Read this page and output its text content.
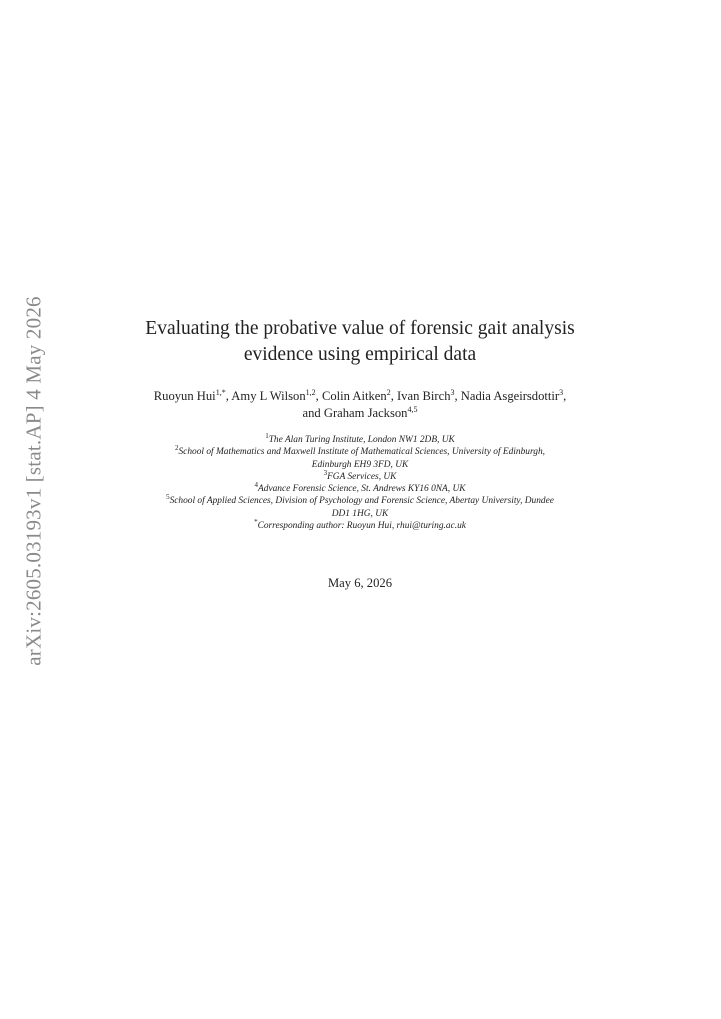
arXiv:2605.03193v1 [stat.AP] 4 May 2026	Evaluating the probative value of forensic gait analysis
evidence using empirical data
Ruoyun Hui$^{1,*}$, Amy L Wilson$^{1,2}$, Colin Aitken$^2$, Ivan Birch$^3$, Nadia Asgeirsdottir$^3$,
and Graham Jackson$^{4,5}$
$^1$The Alan Turing Institute, London NW1 2DB, UK
$^2$School of Mathematics and Maxwell Institute of Mathematical Sciences, University of Edinburgh,
Edinburgh EH9 3FD, UK
$^3$FGA Services, UK
$^4$Advance Forensic Science, St. Andrews KY16 0NA, UK
$^5$School of Applied Sciences, Division of Psychology and Forensic Science, Abertay University, Dundee
DD1 1HG, UK
*Corresponding author: Ruoyun Hui, rhui@turing.ac.uk
May 6, 2026
